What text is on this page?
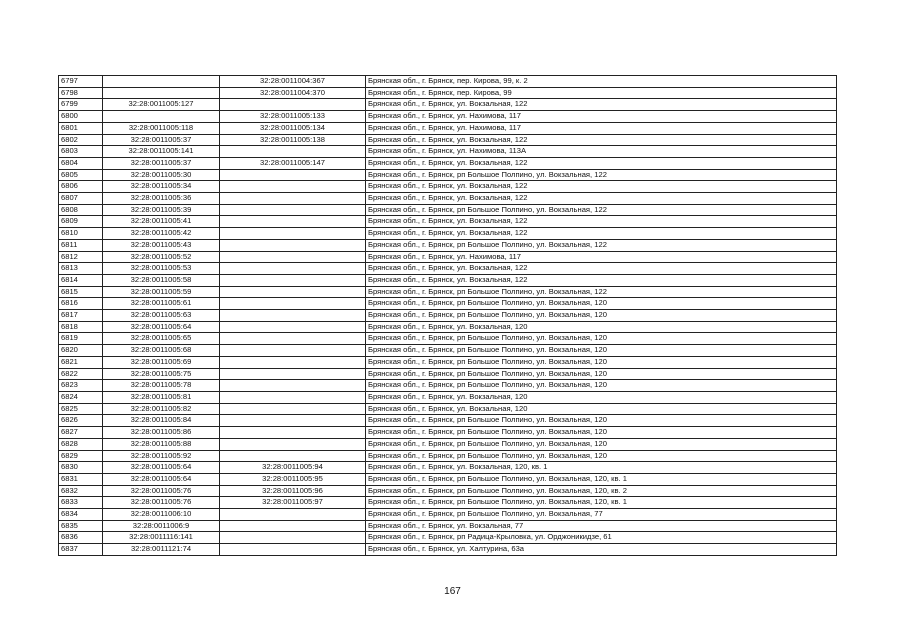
6797		32:28:0011004:367	Брянская обл., г. Брянск, пер. Кирова, 99, к. 2
6798		32:28:0011004:370	Брянская обл., г. Брянск, пер. Кирова, 99
6799	32:28:0011005:127		Брянская обл., г. Брянск, ул. Вокзальная, 122
6800		32:28:0011005:133	Брянская обл., г. Брянск, ул. Нахимова, 117
6801	32:28:0011005:118	32:28:0011005:134	Брянская обл., г. Брянск, ул. Нахимова, 117
6802	32:28:0011005:37	32:28:0011005:138	Брянская обл., г. Брянск, ул. Вокзальная, 122
6803	32:28:0011005:141		Брянская обл., г. Брянск, ул. Нахимова, 113А
6804	32:28:0011005:37	32:28:0011005:147	Брянская обл., г. Брянск, ул. Вокзальная, 122
6805	32:28:0011005:30		Брянская обл., г. Брянск, рп Большое Полпино, ул. Вокзальная, 122
6806	32:28:0011005:34		Брянская обл., г. Брянск, ул. Вокзальная, 122
6807	32:28:0011005:36		Брянская обл., г. Брянск, ул. Вокзальная, 122
6808	32:28:0011005:39		Брянская обл., г. Брянск, рп Большое Полпино, ул. Вокзальная, 122
6809	32:28:0011005:41		Брянская обл., г. Брянск, ул. Вокзальная, 122
6810	32:28:0011005:42		Брянская обл., г. Брянск, ул. Вокзальная, 122
6811	32:28:0011005:43		Брянская обл., г. Брянск, рп Большое Полпино, ул. Вокзальная, 122
6812	32:28:0011005:52		Брянская обл., г. Брянск, ул. Нахимова, 117
6813	32:28:0011005:53		Брянская обл., г. Брянск, ул. Вокзальная, 122
6814	32:28:0011005:58		Брянская обл., г. Брянск, ул. Вокзальная, 122
6815	32:28:0011005:59		Брянская обл., г. Брянск, рп Большое Полпино, ул. Вокзальная, 122
6816	32:28:0011005:61		Брянская обл., г. Брянск, рп Большое Полпино, ул. Вокзальная, 120
6817	32:28:0011005:63		Брянская обл., г. Брянск, рп Большое Полпино, ул. Вокзальная, 120
6818	32:28:0011005:64		Брянская обл., г. Брянск, ул. Вокзальная, 120
6819	32:28:0011005:65		Брянская обл., г. Брянск, рп Большое Полпино, ул. Вокзальная, 120
6820	32:28:0011005:68		Брянская обл., г. Брянск, рп Большое Полпино, ул. Вокзальная, 120
6821	32:28:0011005:69		Брянская обл., г. Брянск, рп Большое Полпино, ул. Вокзальная, 120
6822	32:28:0011005:75		Брянская обл., г. Брянск, рп Большое Полпино, ул. Вокзальная, 120
6823	32:28:0011005:78		Брянская обл., г. Брянск, рп Большое Полпино, ул. Вокзальная, 120
6824	32:28:0011005:81		Брянская обл., г. Брянск, ул. Вокзальная, 120
6825	32:28:0011005:82		Брянская обл., г. Брянск, ул. Вокзальная, 120
6826	32:28:0011005:84		Брянская обл., г. Брянск, рп Большое Полпино, ул. Вокзальная, 120
6827	32:28:0011005:86		Брянская обл., г. Брянск, рп Большое Полпино, ул. Вокзальная, 120
6828	32:28:0011005:88		Брянская обл., г. Брянск, рп Большое Полпино, ул. Вокзальная, 120
6829	32:28:0011005:92		Брянская обл., г. Брянск, рп Большое Полпино, ул. Вокзальная, 120
6830	32:28:0011005:64	32:28:0011005:94	Брянская обл., г. Брянск, ул. Вокзальная, 120, кв. 1
6831	32:28:0011005:64	32:28:0011005:95	Брянская обл., г. Брянск, рп Большое Полпино, ул. Вокзальная, 120, кв. 1
6832	32:28:0011005:76	32:28:0011005:96	Брянская обл., г. Брянск, рп Большое Полпино, ул. Вокзальная, 120, кв. 2
6833	32:28:0011005:76	32:28:0011005:97	Брянская обл., г. Брянск, рп Большое Полпино, ул. Вокзальная, 120, кв. 1
6834	32:28:0011006:10		Брянская обл., г. Брянск, рп Большое Полпино, ул. Вокзальная, 77
6835	32:28:0011006:9		Брянская обл., г. Брянск, ул. Вокзальная, 77
6836	32:28:0011116:141		Брянская обл., г. Брянск, рп Радица-Крыловка, ул. Орджоникидзе, 61
6837	32:28:0011121:74		Брянская обл., г. Брянск, ул. Халтурина, 63а
167
